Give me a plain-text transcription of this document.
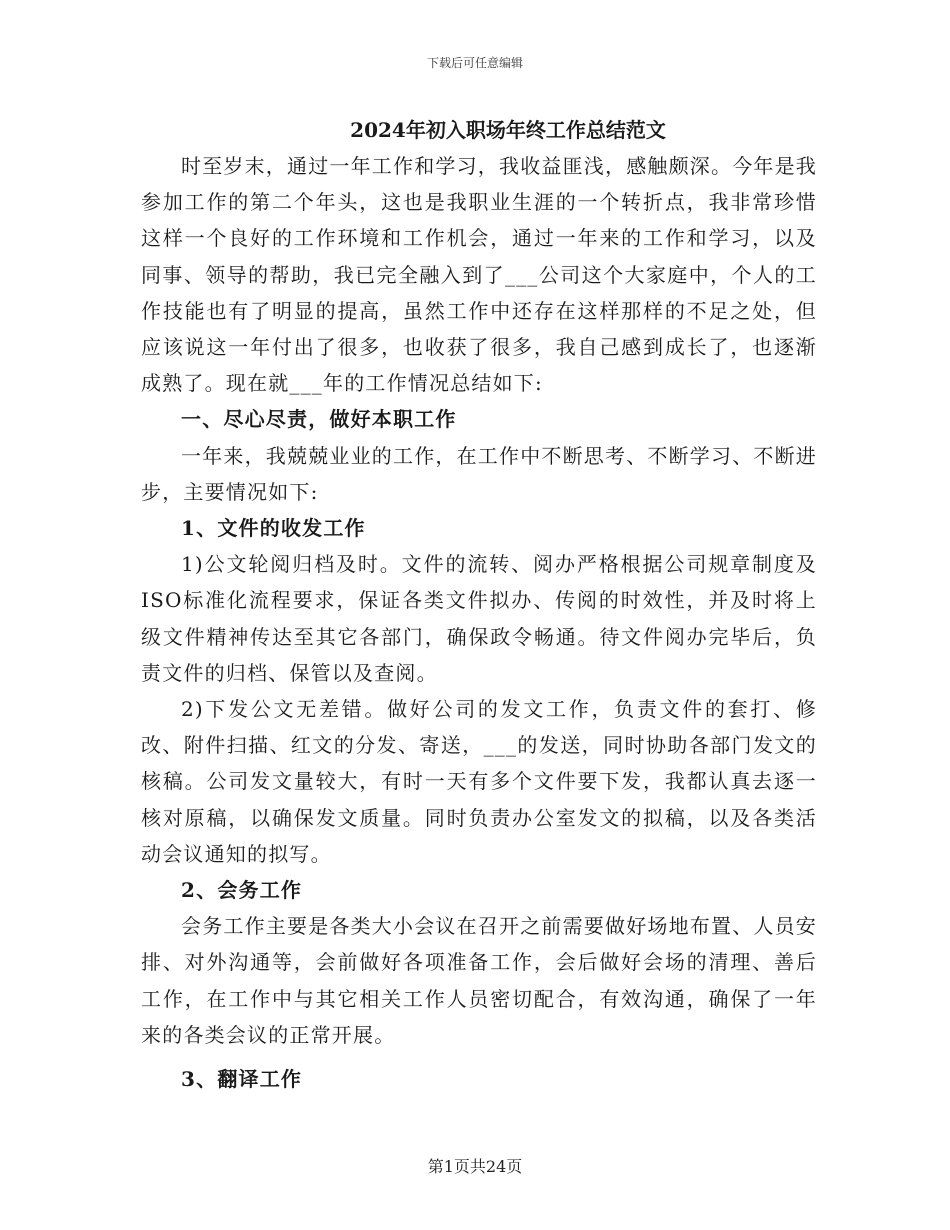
下载后可任意编辑
2024年初入职场年终工作总结范文

时至岁末，通过一年工作和学习，我收益匪浅，感触颇深。今年是我参加工作的第二个年头，这也是我职业生涯的一个转折点，我非常珍惜这样一个良好的工作环境和工作机会，通过一年来的工作和学习，以及同事、领导的帮助，我已完全融入到了___公司这个大家庭中，个人的工作技能也有了明显的提高，虽然工作中还存在这样那样的不足之处，但应该说这一年付出了很多，也收获了很多，我自己感到成长了，也逐渐成熟了。现在就___年的工作情况总结如下:

一、尽心尽责，做好本职工作

一年来，我兢兢业业的工作，在工作中不断思考、不断学习、不断进步，主要情况如下:

1、文件的收发工作

1)公文轮阅归档及时。文件的流转、阅办严格根据公司规章制度及ISO标准化流程要求，保证各类文件拟办、传阅的时效性，并及时将上级文件精神传达至其它各部门，确保政令畅通。待文件阅办完毕后，负责文件的归档、保管以及查阅。

2)下发公文无差错。做好公司的发文工作，负责文件的套打、修改、附件扫描、红文的分发、寄送，___的发送，同时协助各部门发文的核稿。公司发文量较大，有时一天有多个文件要下发，我都认真去逐一核对原稿，以确保发文质量。同时负责办公室发文的拟稿，以及各类活动会议通知的拟写。

2、会务工作

会务工作主要是各类大小会议在召开之前需要做好场地布置、人员安排、对外沟通等，会前做好各项准备工作，会后做好会场的清理、善后工作，在工作中与其它相关工作人员密切配合，有效沟通，确保了一年来的各类会议的正常开展。

3、翻译工作

第1页共24页
